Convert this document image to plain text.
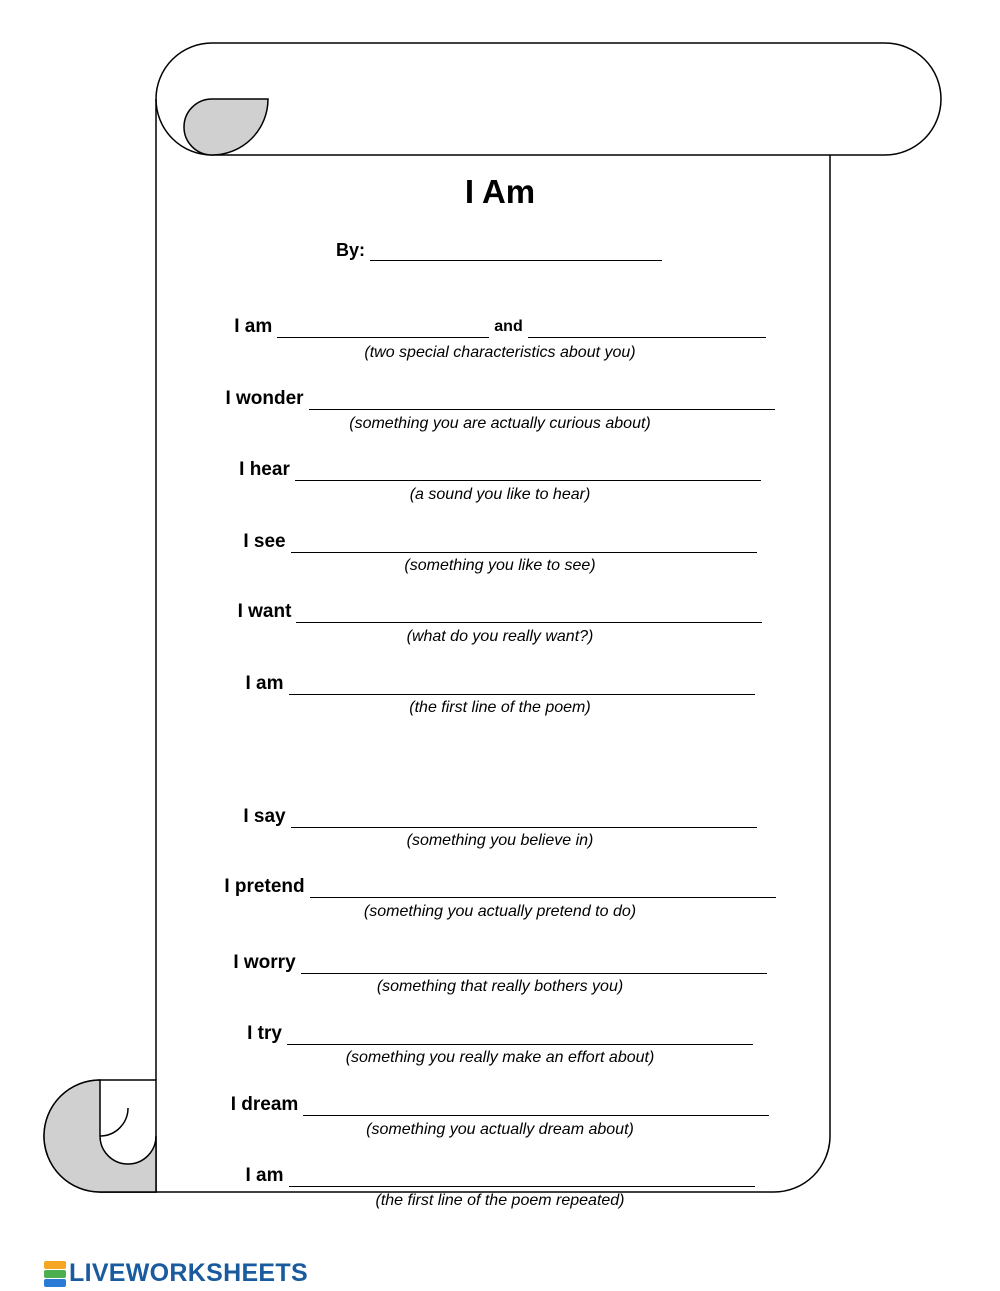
I Am
By:
I am	and
(two special characteristics about you)
I wonder
(something you are actually curious about)
I hear
(a sound you like to hear)
I see
(something you like to see)
I want
(what do you really want?)
I am
(the first line of the poem)
I say
(something you believe in)
I pretend
(something you actually pretend to do)
I worry
(something that really bothers you)
I try
(something you really make an effort about)
I dream
(something you actually dream about)
I am
(the first line of the poem repeated)
LIVEWORKSHEETS
